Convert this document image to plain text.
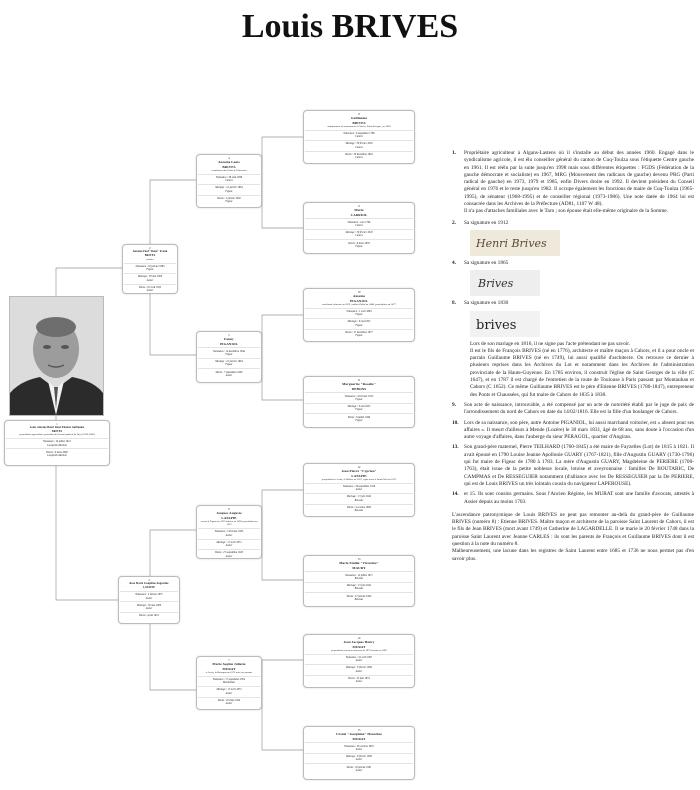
Louis BRIVES
1
Louis Antoine Henri René Etienne Guillaume
BRIVES
propriétaire agriculteur, président du Conseil général du Tarn (1976-1982)
Naissance : 24 juillet 1912
Lacapelle-Marival
Décès : 9 mars 2006
Lacapelle-Marival
2
Antoine Paul "René" Frank
BRIVES
notaire
Naissance : 19 janvier 1883
Figeac
Mariage : 30 mai 1909
Assier
Décès : 10 avril 1955
Assier
3
Rose Marie Joséphine Augustine
LATAPIE
Naissance : 2 février 1875
Assier
Mariage : 30 mai 1909
Assier
Décès : après 1912
4
Antoine Louis
BRIVES
conducteur des Ponts et Chaussées
Naissance : 28 août 1838
Cahors
Mariage : 22 janvier 1864
Figeac
Décès : 2 janvier 1902
Figeac
5
Fanny
PIGANIOL
Naissance : 14 décembre 1844
Figeac
Mariage : 22 janvier 1864
Figeac
Décès : 7 septembre 1936
Assier
6
Jacques Auguste
LATAPIE
avocat à Figeac en 1872 notaire en 1902 propriétaire en 1923
Naissance : 14 février 1843
Assier
Mariage : 17 avril 1872
Assier
Décès : 27 septembre 1923
Assier
7
Marie Sophie Juliette
MURAT
à Assier, la Bousquet en 1872 avec ses parents
Naissance : 17 septembre 1852
Montauban
Mariage : 17 avril 1872
Assier
Décès : 22 mars 1924
Assier
8
Guillaume
BRIVES
entrepreneur de maçonnerie à Cahors, Saint-Georges, en 1820
Naissance : 8 septembre 1788
Cahors
Mariage : 30 février 1820
Cahors
Décès : 30 décembre 1842
Cahors
9
Marie
CARRIOL
Naissance : vers 1798
Cahors
Mariage : 30 février 1820
Cahors
Décès : 8 mars 1879
Figeac
10
Antoine
PIGANIOL
marchand voiturier en 1831, maître d'hôtel en 1844, propriétaire en 1877
Naissance : 1 avril 1804
Figeac
Mariage : 9 mai 1832
Figeac
Décès : 27 décembre 1877
Figeac
11
Marguerite "Rosalie"
DEBONS
Naissance : 22 février 1813
Figeac
Mariage : 9 mai 1832
Figeac
Décès : 9 juillet 1846
Figeac
12
Jean Pierre "Cyprien"
LATAPIE
propriétaire à Assier, le Ribière en 1872, signe aussi à Saint-Céré en 1872
Naissance : 26 septembre 1818
Assier
Mariage : 13 juin 1842
Boussac
Décès : 4 octobre 1883
Boussac
13
Marie Emilie "Victorine"
MAURY
Naissance : 12 juillet 1817
Boussac
Mariage : 13 juin 1842
Boussac
Décès : 27 janvier 1902
Boussac
14
Jean Jacques Henry
MURAT
propriétaire avocat au barreau de 1872 notaire en 1867
Naissance : 22 avril 1807
Assier
Mariage : 8 février 1836
Assier
Décès : 23 juin 1874
Assier
15
Ursule "Joséphine" Honorine
MURAT
Naissance : 26 octobre 1818
Assier
Mariage : 8 février 1836
Assier
Décès : 18 janvier 1861
Assier
1. Propriétaire agriculteur à Algans-Lastens où il s'installe au début des années 1960. Engagé dans le syndicalisme agricole, il est élu conseiller général du canton de Cuq-Toulza sous l'étiquette Centre gauche en 1961. Il est réélu par la suite jusqu'en 1998 mais sous différentes étiquettes : FGDS (Fédération de la gauche démocrate et socialiste) en 1967, MRG (Mouvement des radicaux de gauche) devenu PRG (Parti radical de gauche) en 1973, 1979 et 1985, enfin Divers droite en 1992. Il devient président du Conseil général en 1976 et le reste jusqu'en 1982. Il occupe également les fonctions de maire de Cuq-Toulza (1965-1995), de sénateur (1968-1995) et de conseiller régional (1973-1986). Une note datée de 1964 lui est consacrée dans les Archives de la Préfecture (AD81, 1107 W 48).
Il n'a pas d'attaches familiales avec le Tarn ; son épouse était elle-même originaire de la Somme.
2. Sa signature en 1912
Henri Brives
4. Sa signature en 1865
Brives
8. Sa signature en 1830
brives
Lors de son mariage en 1816, il ne signe pas l'acte prétendant ne pas savoir.
Il est le fils de François BRIVES (né en 1776), architecte et maître maçon à Cahors, et il a pour oncle et parrain Guillaume BRIVES (né en 1749), lui aussi qualifié d'architecte. On retrouve ce dernier à plusieurs reprises dans les Archives du Lot et notamment dans les Archives de l'administration provinciale de la Haute-Guyenne. En 1785 environ, il construit l'église de Saint Georges de la ville (C 1647), et en 1787 il est chargé de l'entretien de la route de Toulouse à Paris passant par Montauban et Cahors (C 1652). Ce même Guillaume BRIVES est le père d'Etienne BRIVES (1780-1847), entrepreneur des Ponts et Chaussées, qui fut maire de Cahors de 1835 à 1838.
9. Son acte de naissance, introuvable, a été compensé par un acte de notoriété établi par le juge de paix de l'arrondissement du nord de Cahors en date du 14/02/1816. Elle est la fille d'un boulanger de Cahors.
10. Lors de sa naissance, son père, autre Antoine PIGANIOL, lui aussi marchand voiturier, est « absent pour ses affaires ». Il meurt d'ailleurs à Mende (Lozère) le 30 mars 1831, âgé de 68 ans, sans doute à l'occasion d'un autre voyage d'affaires, dans l'auberge du sieur PERAGOL, quartier d'Angiran.
13. Son grand-père maternel, Pierre TEILHARD (1760-1845) a été maire de Fayzelles (Lot) de 1815 à 1821. Il avait épousé en 1790 Louise Jeanne Apollonie GUARY (1767-1821), fille d'Augustin GUARY (1730-1796) qui fut maire de Figeac de 1780 à 1783. La mère d'Augustin GUARY, Magdeleine de PERIERE (1700-1763), était issue de la petite noblesse locale, lotoise et aveyronnaise : familles De BOUTARIC, De CAMPMAS et De RESSEGUIER notamment (d'alliance avec les De RESSEGUIER par la De PERIERE, qui est de Louis BRIVES un très lointain cousin du navigateur LAPEROUSE).
14. et 15. Ils sont cousins germains. Sous l'Ancien Régime, les MURAT sont une famille d'avocats, attestés à Assier depuis au moins 1703.
L'ascendance patronymique de Louis BRIVES ne peut pas remonter au-delà du grand-père de Guillaume BRIVES (numéro 8) : Etienne BRIVES. Maître maçon et architecte de la paroisse Saint Laurent de Cahors, il est le fils de Jean BRIVES (mort avant 1749) et Catherine de LAGARDELLE. Il se marie le 20 février 1748 dans la paroisse Saint Laurent avec Jeanne CARLES : ils sont les parents de François et Guillaume BRIVES dont il est question à la note du numéro 8.
Malheureusement, une lacune dans les registres de Saint Laurent entre 1685 et 1736 ne nous permet pas d'en savoir plus.
